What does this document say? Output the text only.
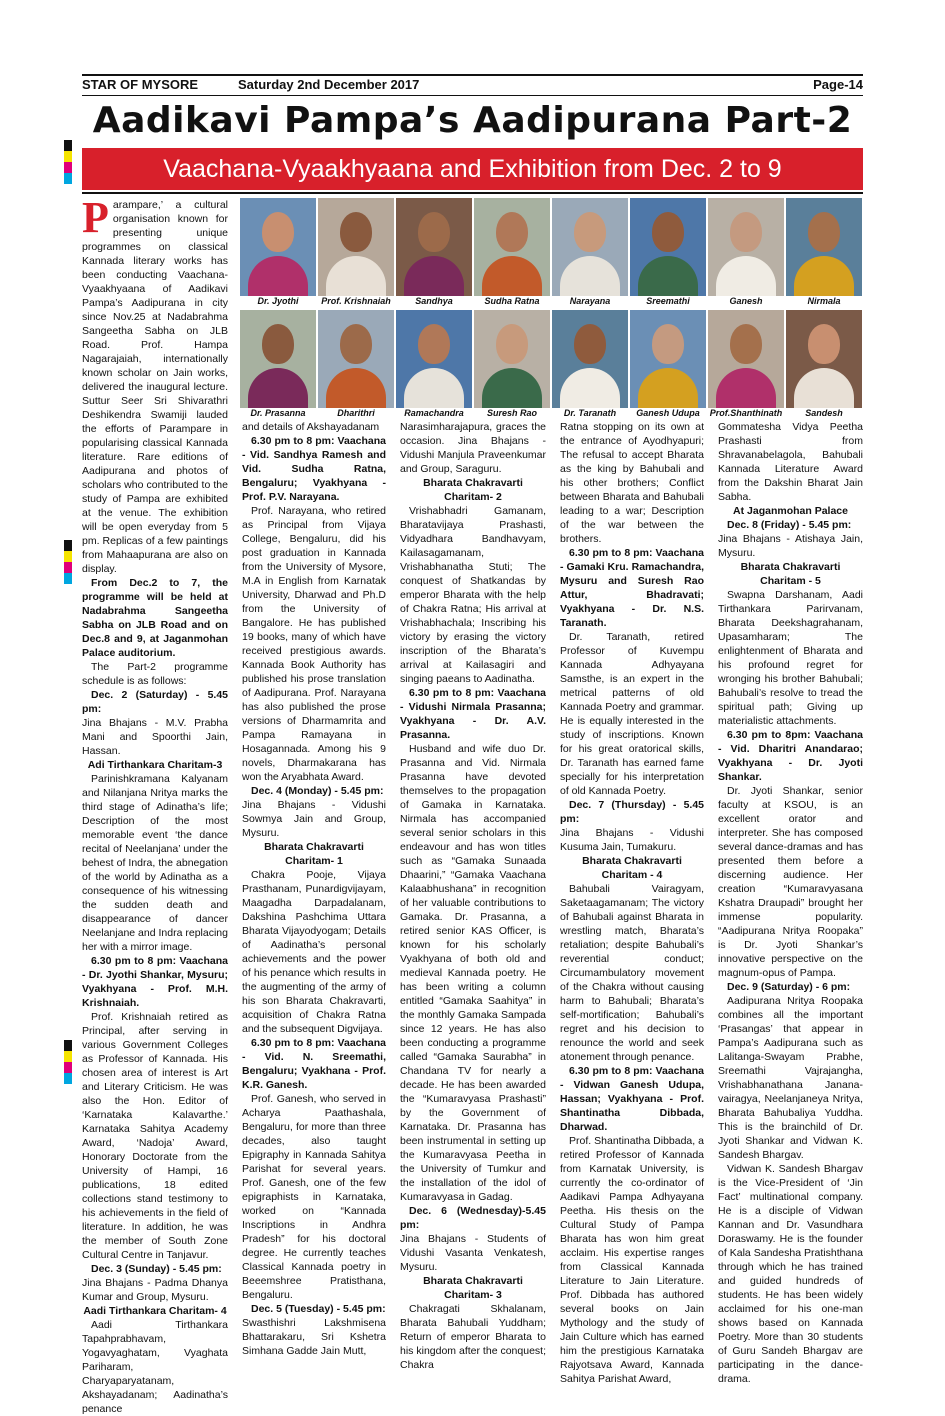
STAR OF MYSORE	Saturday 2nd December 2017	Page-14
Aadikavi Pampa’s Aadipurana Part-2
Vaachana-Vyaakhyaana and Exhibition from Dec. 2 to 9
Dr. Jyothi	Prof. Krishnaiah	Sandhya	Sudha Ratna	Narayana	Sreemathi	Ganesh	Nirmala
Dr. Prasanna	Dharithri	Ramachandra	Suresh Rao	Dr. Taranath	Ganesh Udupa	Prof.Shanthinath	Sandesh

Parampare,’ a cultural organisation known for presenting unique programmes on classical Kannada literary works has been conducting Vaachana-Vyaakhyaana of Aadikavi Pampa’s Aadipurana in city since Nov.25 at Nadabrahma Sangeetha Sabha on JLB Road. Prof. Hampa Nagarajaiah, internationally known scholar on Jain works, delivered the inaugural lecture. Suttur Seer Sri Shivarathri Deshikendra Swamiji lauded the efforts of Parampare in popularising classical Kannada literature. Rare editions of Aadipurana and photos of scholars who contributed to the study of Pampa are exhibited at the venue. The exhibition will be open everyday from 5 pm. Replicas of a few paintings from Mahaapurana are also on display.

From Dec.2 to 7, the programme will be held at Nadabrahma Sangeetha Sabha on JLB Road and on Dec.8 and 9, at Jaganmohan Palace auditorium.

The Part-2 programme schedule is as follows:

Dec. 2 (Saturday) - 5.45 pm:

Jina Bhajans - M.V. Prabha Mani and Spoorthi Jain, Hassan.

Adi Tirthankara Charitam-3

Parinishkramana Kalyanam and Nilanjana Nritya marks the third stage of Adinatha’s life; Description of the most memorable event ‘the dance recital of Neelanjana’ under the behest of Indra, the abnegation of the world by Adinatha as a consequence of his witnessing the sudden death and disappearance of dancer Neelanjane and Indra replacing her with a mirror image.

6.30 pm to 8 pm: Vaachana - Dr. Jyothi Shankar, Mysuru; Vyakhyana - Prof. M.H. Krishnaiah.

Prof. Krishnaiah retired as Principal, after serving in various Government Colleges as Professor of Kannada. His chosen area of interest is Art and Literary Criticism. He was also the Hon. Editor of ‘Karnataka Kalavarthe.’ Karnataka Sahitya Academy Award, ‘Nadoja’ Award, Honorary Doctorate from the University of Hampi, 16 publications, 18 edited collections stand testimony to his achievements in the field of literature. In addition, he was the member of South Zone Cultural Centre in Tanjavur.

Dec. 3 (Sunday) - 5.45 pm:

Jina Bhajans - Padma Dhanya Kumar and Group, Mysuru.

Aadi Tirthankara Charitam- 4

Aadi Tirthankara Tapahprabhavam, Yogavyaghatam, Vyaghata Pariharam, Charyaparyatanam, Akshayadanam; Aadinatha’s penance

and details of Akshayadanam

6.30 pm to 8 pm: Vaachana - Vid. Sandhya Ramesh and Vid. Sudha Ratna, Bengaluru; Vyakhyana - Prof. P.V. Narayana.

Prof. Narayana, who retired as Principal from Vijaya College, Bengaluru, did his post graduation in Kannada from the University of Mysore, M.A in English from Karnatak University, Dharwad and Ph.D from the University of Bangalore. He has published 19 books, many of which have received prestigious awards. Kannada Book Authority has published his prose translation of Aadipurana. Prof. Narayana has also published the prose versions of Dharmamrita and Pampa Ramayana in Hosagannada. Among his 9 novels, Dharmakarana has won the Aryabhata Award.

Dec. 4 (Monday) - 5.45 pm:

Jina Bhajans - Vidushi Sowmya Jain and Group, Mysuru.

Bharata Chakravarti Charitam- 1

Chakra Pooje, Vijaya Prasthanam, Punardigvijayam, Maagadha Darpadalanam, Dakshina Pashchima Uttara Bharata Vijayodyogam; Details of Aadinatha’s personal achievements and the power of his penance which results in the augmenting of the army of his son Bharata Chakravarti, acquisition of Chakra Ratna and the subsequent Digvijaya.

6.30 pm to 8 pm: Vaachana - Vid. N. Sreemathi, Bengaluru; Vyakhana - Prof. K.R. Ganesh.

Prof. Ganesh, who served in Acharya Paathashala, Bengaluru, for more than three decades, also taught Epigraphy in Kannada Sahitya Parishat for several years. Prof. Ganesh, one of the few epigraphists in Karnataka, worked on “Kannada Inscriptions in Andhra Pradesh” for his doctoral degree. He currently teaches Classical Kannada poetry in Beeemshree Pratisthana, Bengaluru.

Dec. 5 (Tuesday) - 5.45 pm:

Swasthishri Lakshmisena Bhattarakaru, Sri Kshetra Simhana Gadde Jain Mutt,

Narasimharajapura, graces the occasion. Jina Bhajans - Vidushi Manjula Praveenkumar and Group, Saraguru.

Bharata Chakravarti Charitam- 2

Vrishabhadri Gamanam, Bharatavijaya Prashasti, Vidyadhara Bandhavyam, Kailasagamanam, Vrishabhanatha Stuti; The conquest of Shatkandas by emperor Bharata with the help of Chakra Ratna; His arrival at Vrishabhachala; Inscribing his victory by erasing the victory inscription of the Bharata’s arrival at Kailasagiri and singing paeans to Aadinatha.

6.30 pm to 8 pm: Vaachana - Vidushi Nirmala Prasanna; Vyakhyana - Dr. A.V. Prasanna.

Husband and wife duo Dr. Prasanna and Vid. Nirmala Prasanna have devoted themselves to the propagation of Gamaka in Karnataka. Nirmala has accompanied several senior scholars in this endeavour and has won titles such as “Gamaka Sunaada Dhaarini,” “Gamaka Vaachana Kalaabhushana” in recognition of her valuable contributions to Gamaka. Dr. Prasanna, a retired senior KAS Officer, is known for his scholarly Vyakhyana of both old and medieval Kannada poetry. He has been writing a column entitled “Gamaka Saahitya” in the monthly Gamaka Sampada since 12 years. He has also been conducting a programme called “Gamaka Saurabha” in Chandana TV for nearly a decade. He has been awarded the “Kumaravyasa Prashasti” by the Government of Karnataka. Dr. Prasanna has been instrumental in setting up the Kumaravyasa Peetha in the University of Tumkur and the installation of the idol of Kumaravyasa in Gadag.

Dec. 6 (Wednesday)-5.45 pm:

Jina Bhajans - Students of Vidushi Vasanta Venkatesh, Mysuru.

Bharata Chakravarti Charitam- 3

Chakragati Skhalanam, Bharata Bahubali Yuddham; Return of emperor Bharata to his kingdom after the conquest; Chakra

Ratna stopping on its own at the entrance of Ayodhyapuri; The refusal to accept Bharata as the king by Bahubali and his other brothers; Conflict between Bharata and Bahubali leading to a war; Description of the war between the brothers.

6.30 pm to 8 pm: Vaachana - Gamaki Kru. Ramachandra, Mysuru and Suresh Rao Attur, Bhadravati; Vyakhyana - Dr. N.S. Taranath.

Dr. Taranath, retired Professor of Kuvempu Kannada Adhyayana Samsthe, is an expert in the metrical patterns of old Kannada Poetry and grammar. He is equally interested in the study of inscriptions. Known for his great oratorical skills, Dr. Taranath has earned fame specially for his interpretation of old Kannada Poetry.

Dec. 7 (Thursday) - 5.45 pm:

Jina Bhajans - Vidushi Kusuma Jain, Tumakuru.

Bharata Chakravarti Charitam - 4

Bahubali Vairagyam, Saketaagamanam; The victory of Bahubali against Bharata in wrestling match, Bharata’s retaliation; despite Bahubali’s reverential conduct; Circumambulatory movement of the Chakra without causing harm to Bahubali; Bharata’s self-mortification; Bahubali’s regret and his decision to renounce the world and seek atonement through penance.

6.30 pm to 8 pm: Vaachana - Vidwan Ganesh Udupa, Hassan; Vyakhyana - Prof. Shantinatha Dibbada, Dharwad.

Prof. Shantinatha Dibbada, a retired Professor of Kannada from Karnatak University, is currently the co-ordinator of Aadikavi Pampa Adhyayana Peetha. His thesis on the Cultural Study of Pampa Bharata has won him great acclaim. His expertise ranges from Classical Kannada Literature to Jain Literature. Prof. Dibbada has authored several books on Jain Mythology and the study of Jain Culture which has earned him the prestigious Karnataka Rajyotsava Award, Kannada Sahitya Parishat Award,

Gommatesha Vidya Peetha Prashasti from Shravanabelagola, Bahubali Kannada Literature Award from the Dakshin Bharat Jain Sabha.

At Jaganmohan Palace

Dec. 8 (Friday) - 5.45 pm:

Jina Bhajans - Atishaya Jain, Mysuru.

Bharata Chakravarti Charitam - 5

Swapna Darshanam, Aadi Tirthankara Parirvanam, Bharata Deekshagrahanam, Upasamharam; The enlightenment of Bharata and his profound regret for wronging his brother Bahubali; Bahubali’s resolve to tread the spiritual path; Giving up materialistic attachments.

6.30 pm to 8pm: Vaachana - Vid. Dharitri Anandarao; Vyakhyana - Dr. Jyoti Shankar.

Dr. Jyoti Shankar, senior faculty at KSOU, is an excellent orator and interpreter. She has composed several dance-dramas and has presented them before a discerning audience. Her creation “Kumaravyasana Kshatra Draupadi” brought her immense popularity. “Aadipurana Nritya Roopaka” is Dr. Jyoti Shankar’s innovative perspective on the magnum-opus of Pampa.

Dec. 9 (Saturday) - 6 pm:

Aadipurana Nritya Roopaka combines all the important ‘Prasangas’ that appear in Pampa’s Aadipurana such as Lalitanga-Swayam Prabhe, Sreemathi Vajrajangha, Vrishabhanathana Janana-vairagya, Neelanjaneya Nritya, Bharata Bahubaliya Yuddha. This is the brainchild of Dr. Jyoti Shankar and Vidwan K. Sandesh Bhargav.

Vidwan K. Sandesh Bhargav is the Vice-President of ‘Jin Fact’ multinational company. He is a disciple of Vidwan Kannan and Dr. Vasundhara Doraswamy. He is the founder of Kala Sandesha Pratishthana through which he has trained and guided hundreds of students. He has been widely acclaimed for his one-man shows based on Kannada Poetry. More than 30 students of Guru Sandeh Bhargav are participating in the dance-drama.
